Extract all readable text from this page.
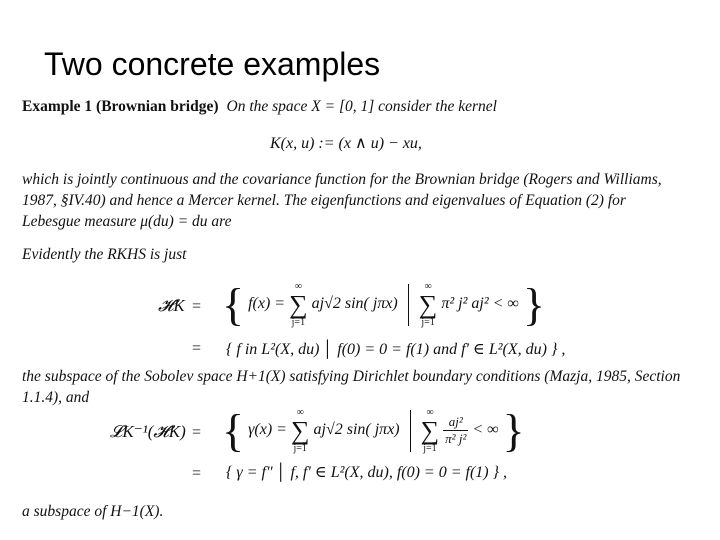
Two concrete examples
Example 1 (Brownian bridge) On the space X = [0, 1] consider the kernel
K(x, u) := (x ∧ u) − xu,
which is jointly continuous and the covariance function for the Brownian bridge (Rogers and Williams, 1987, §IV.40) and hence a Mercer kernel. The eigenfunctions and eigenvalues of Equation (2) for Lebesgue measure μ(du) = du are
Evidently the RKHS is just
𝓗K = { f(x) =
∞
∑
j=1
aj√2 sin( jπx)
∞
∑
j=1
π² j² aj² < ∞ }
= { f in L²(X, du) │ f(0) = 0 = f(1) and f′ ∈ L²(X, du) } ,
the subspace of the Sobolev space H+1(X) satisfying Dirichlet boundary conditions (Mazja, 1985, Section 1.1.4), and
𝓛K⁻¹(𝓗K) = { γ(x) =
∞
∑
j=1
aj√2 sin( jπx)
∞
∑
j=1

$\frac{\text{aj²}}{\text{π² j²}}$ < ∞ }
= { γ = f″ │ f, f′ ∈ L²(X, du), f(0) = 0 = f(1) } ,
a subspace of H−1(X).
